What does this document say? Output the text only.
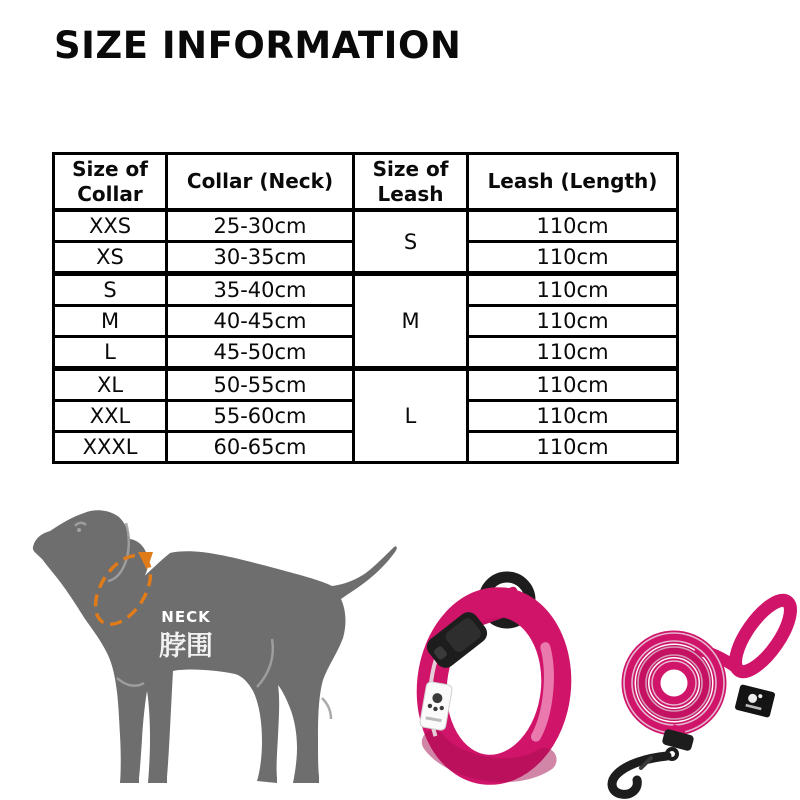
SIZE INFORMATION
Size of Collar	Collar (Neck)	Size of Leash	Leash (Length)
XXS	25-30cm	S	110cm
XS	30-35cm		110cm
S	35-40cm	M	110cm
M	40-45cm		110cm
L	45-50cm		110cm
XL	50-55cm	L	110cm
XXL	55-60cm		110cm
XXXL	60-65cm		110cm
NECK
脖围
